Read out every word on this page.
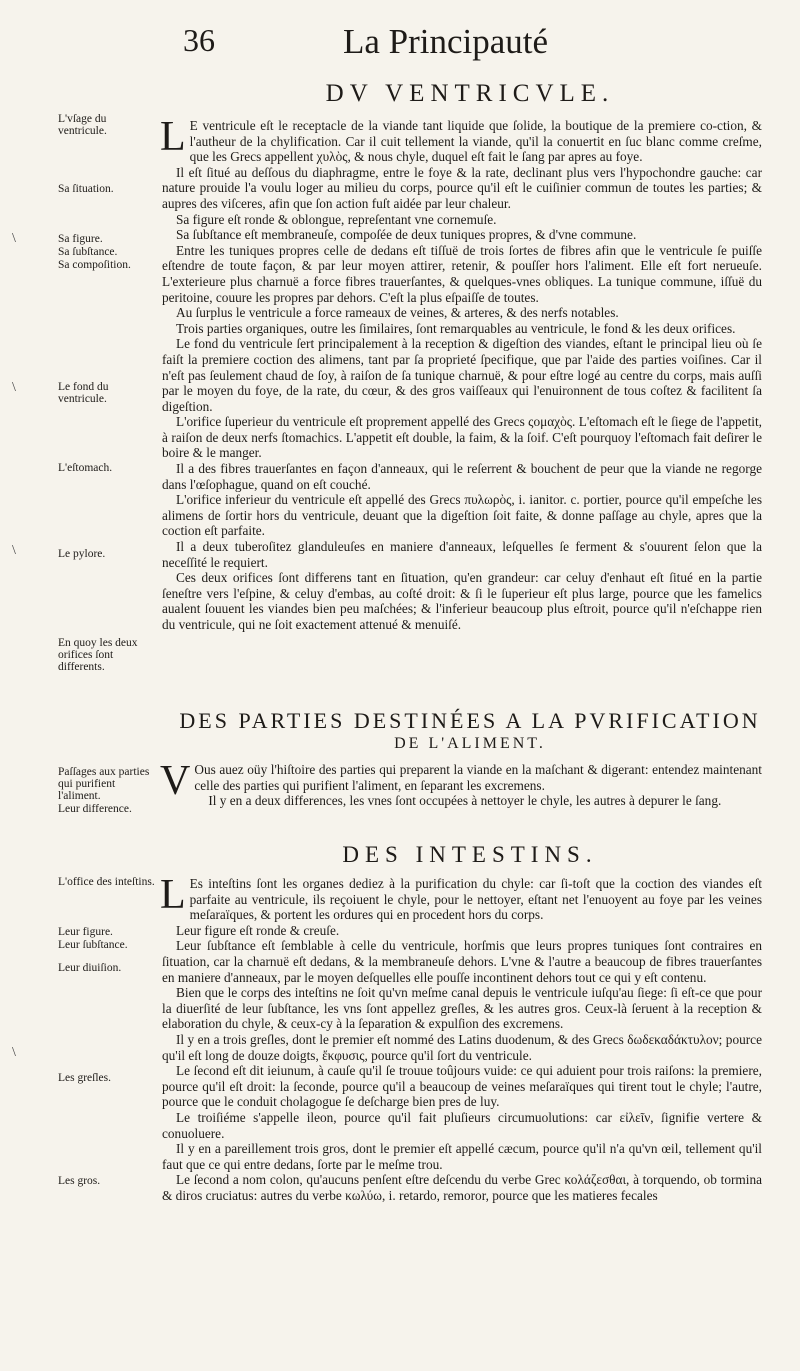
36	La Principauté
DV VENTRICVLE.

L E ventricule eſt le receptacle de la viande tant liquide que ſolide, la boutique de la premiere co-ction, & l'autheur de la chylification. Car il cuit tellement la viande, qu'il la conuertit en ſuc blanc comme creſme, que les Grecs appellent χυλὸς, & nous chyle, duquel eſt fait le ſang par apres au foye.

Il eſt ſitué au deſſous du diaphragme, entre le foye & la rate, declinant plus vers l'hypochondre gauche: car nature prouide l'a voulu loger au milieu du corps, pource qu'il eſt le cuiſinier commun de toutes les parties; & aupres des viſceres, afin que ſon action fuſt aidée par leur chaleur.

Sa figure eſt ronde & oblongue, repreſentant vne cornemuſe.

Sa ſubſtance eſt membraneuſe, compoſée de deux tuniques propres, & d'vne commune.

Entre les tuniques propres celle de dedans eſt tiſſuë de trois ſortes de fibres afin que le ventricule ſe puiſſe eſtendre de toute façon, & par leur moyen attirer, retenir, & pouſſer hors l'aliment. Elle eſt fort nerueuſe. L'exterieure plus charnuë a force fibres trauerſantes, & quelques-vnes obliques. La tunique commune, iſſuë du peritoine, couure les propres par dehors. C'eſt la plus eſpaiſſe de toutes.

Au ſurplus le ventricule a force rameaux de veines, & arteres, & des nerfs notables.

Trois parties organiques, outre les ſimilaires, ſont remarquables au ventricule, le fond & les deux orifices.

Le fond du ventricule ſert principalement à la reception & digeſtion des viandes, eſtant le principal lieu où ſe faiſt la premiere coction des alimens, tant par ſa proprieté ſpecifique, que par l'aide des parties voiſines. Car il n'eſt pas ſeulement chaud de ſoy, à raiſon de ſa tunique charnuë, & pour eſtre logé au centre du corps, mais auſſi par le moyen du foye, de la rate, du cœur, & des gros vaiſſeaux qui l'enuironnent de tous coſtez & facilitent ſa digeſtion.

L'orifice ſuperieur du ventricule eſt proprement appellé des Grecs ςομαχὸς. L'eſtomach eſt le ſiege de l'appetit, à raiſon de deux nerfs ſtomachics. L'appetit eſt double, la faim, & la ſoif. C'eſt pourquoy l'eſtomach fait deſirer le boire & le manger.

Il a des fibres trauerſantes en façon d'anneaux, qui le reſerrent & bouchent de peur que la viande ne regorge dans l'œſophague, quand on eſt couché.

L'orifice inferieur du ventricule eſt appellé des Grecs πυλωρὸς, i. ianitor. c. portier, pource qu'il empeſche les alimens de ſortir hors du ventricule, deuant que la digeſtion ſoit faite, & donne paſſage au chyle, apres que la coction eſt parfaite.

Il a deux tuberoſitez glanduleuſes en maniere d'anneaux, leſquelles ſe ferment & s'ouurent ſelon que la neceſſité le requiert.

Ces deux orifices ſont differens tant en ſituation, qu'en grandeur: car celuy d'enhaut eſt ſitué en la partie ſeneſtre vers l'eſpine, & celuy d'embas, au coſté droit: & ſi le ſuperieur eſt plus large, pource que les famelics aualent ſouuent les viandes bien peu maſchées; & l'inferieur beaucoup plus eſtroit, pource qu'il n'eſchappe rien du ventricule, qui ne ſoit exactement attenué & menuiſé.

DES PARTIES DESTINÉES A LA PVRIFICATION
DE L'ALIMENT.

V Ous auez oüy l'hiſtoire des parties qui preparent la viande en la maſchant & digerant: entendez maintenant celle des parties qui purifient l'aliment, en ſeparant les excremens.

Il y en a deux differences, les vnes ſont occupées à nettoyer le chyle, les autres à depurer le ſang.

DES INTESTINS.

L Es inteſtins ſont les organes dediez à la purification du chyle: car ſi-toſt que la coction des viandes eſt parfaite au ventricule, ils reçoiuent le chyle, pour le nettoyer, eſtant net l'enuoyent au foye par les veines meſaraïques, & portent les ordures qui en procedent hors du corps.

Leur figure eſt ronde & creuſe.

Leur ſubſtance eſt ſemblable à celle du ventricule, horſmis que leurs propres tuniques ſont contraires en ſituation, car la charnuë eſt dedans, & la membraneuſe dehors. L'vne & l'autre a beaucoup de fibres trauerſantes en maniere d'anneaux, par le moyen deſquelles elle pouſſe incontinent dehors tout ce qui y eſt contenu.

Bien que le corps des inteſtins ne ſoit qu'vn meſme canal depuis le ventricule iuſqu'au ſiege: ſi eſt-ce que pour la diuerſité de leur ſubſtance, les vns ſont appellez greſles, & les autres gros. Ceux-là ſeruent à la reception & elaboration du chyle, & ceux-cy à la ſeparation & expulſion des excremens.

Il y en a trois greſles, dont le premier eſt nommé des Latins duodenum, & des Grecs δωδεκαδάκτυλον; pource qu'il eſt long de douze doigts, ἔκφυσις, pource qu'il ſort du ventricule.

Le ſecond eſt dit ieiunum, à cauſe qu'il ſe trouue toûjours vuide: ce qui aduient pour trois raiſons: la premiere, pource qu'il eſt droit: la ſeconde, pource qu'il a beaucoup de veines meſaraïques qui tirent tout le chyle; l'autre, pource que le conduit cholagogue ſe deſcharge bien pres de luy.

Le troiſiéme s'appelle ileon, pource qu'il fait pluſieurs circumuolutions: car εἰλεῖν, ſignifie vertere & conuoluere.

Il y en a pareillement trois gros, dont le premier eſt appellé cæcum, pource qu'il n'a qu'vn œil, tellement qu'il faut que ce qui entre dedans, ſorte par le meſme trou.

Le ſecond a nom colon, qu'aucuns penſent eſtre deſcendu du verbe Grec κολάζεσθαι, à torquendo, ob tormina & diros cruciatus: autres du verbe κωλύω, i. retardo, remoror, pource que les matieres fecales

L'vſage du ventricule.
Sa ſituation.
Sa figure.
Sa ſubſtance.
Sa compoſition.
Le fond du ventricule.
L'eſtomach.
Le pylore.
En quoy les deux orifices ſont differents.
Paſſages aux parties qui purifient l'aliment.
Leur difference.
L'office des inteſtins.
Leur figure.
Leur ſubſtance.
Leur diuiſion.
Les greſles.
Les gros.
\
\
\
\
